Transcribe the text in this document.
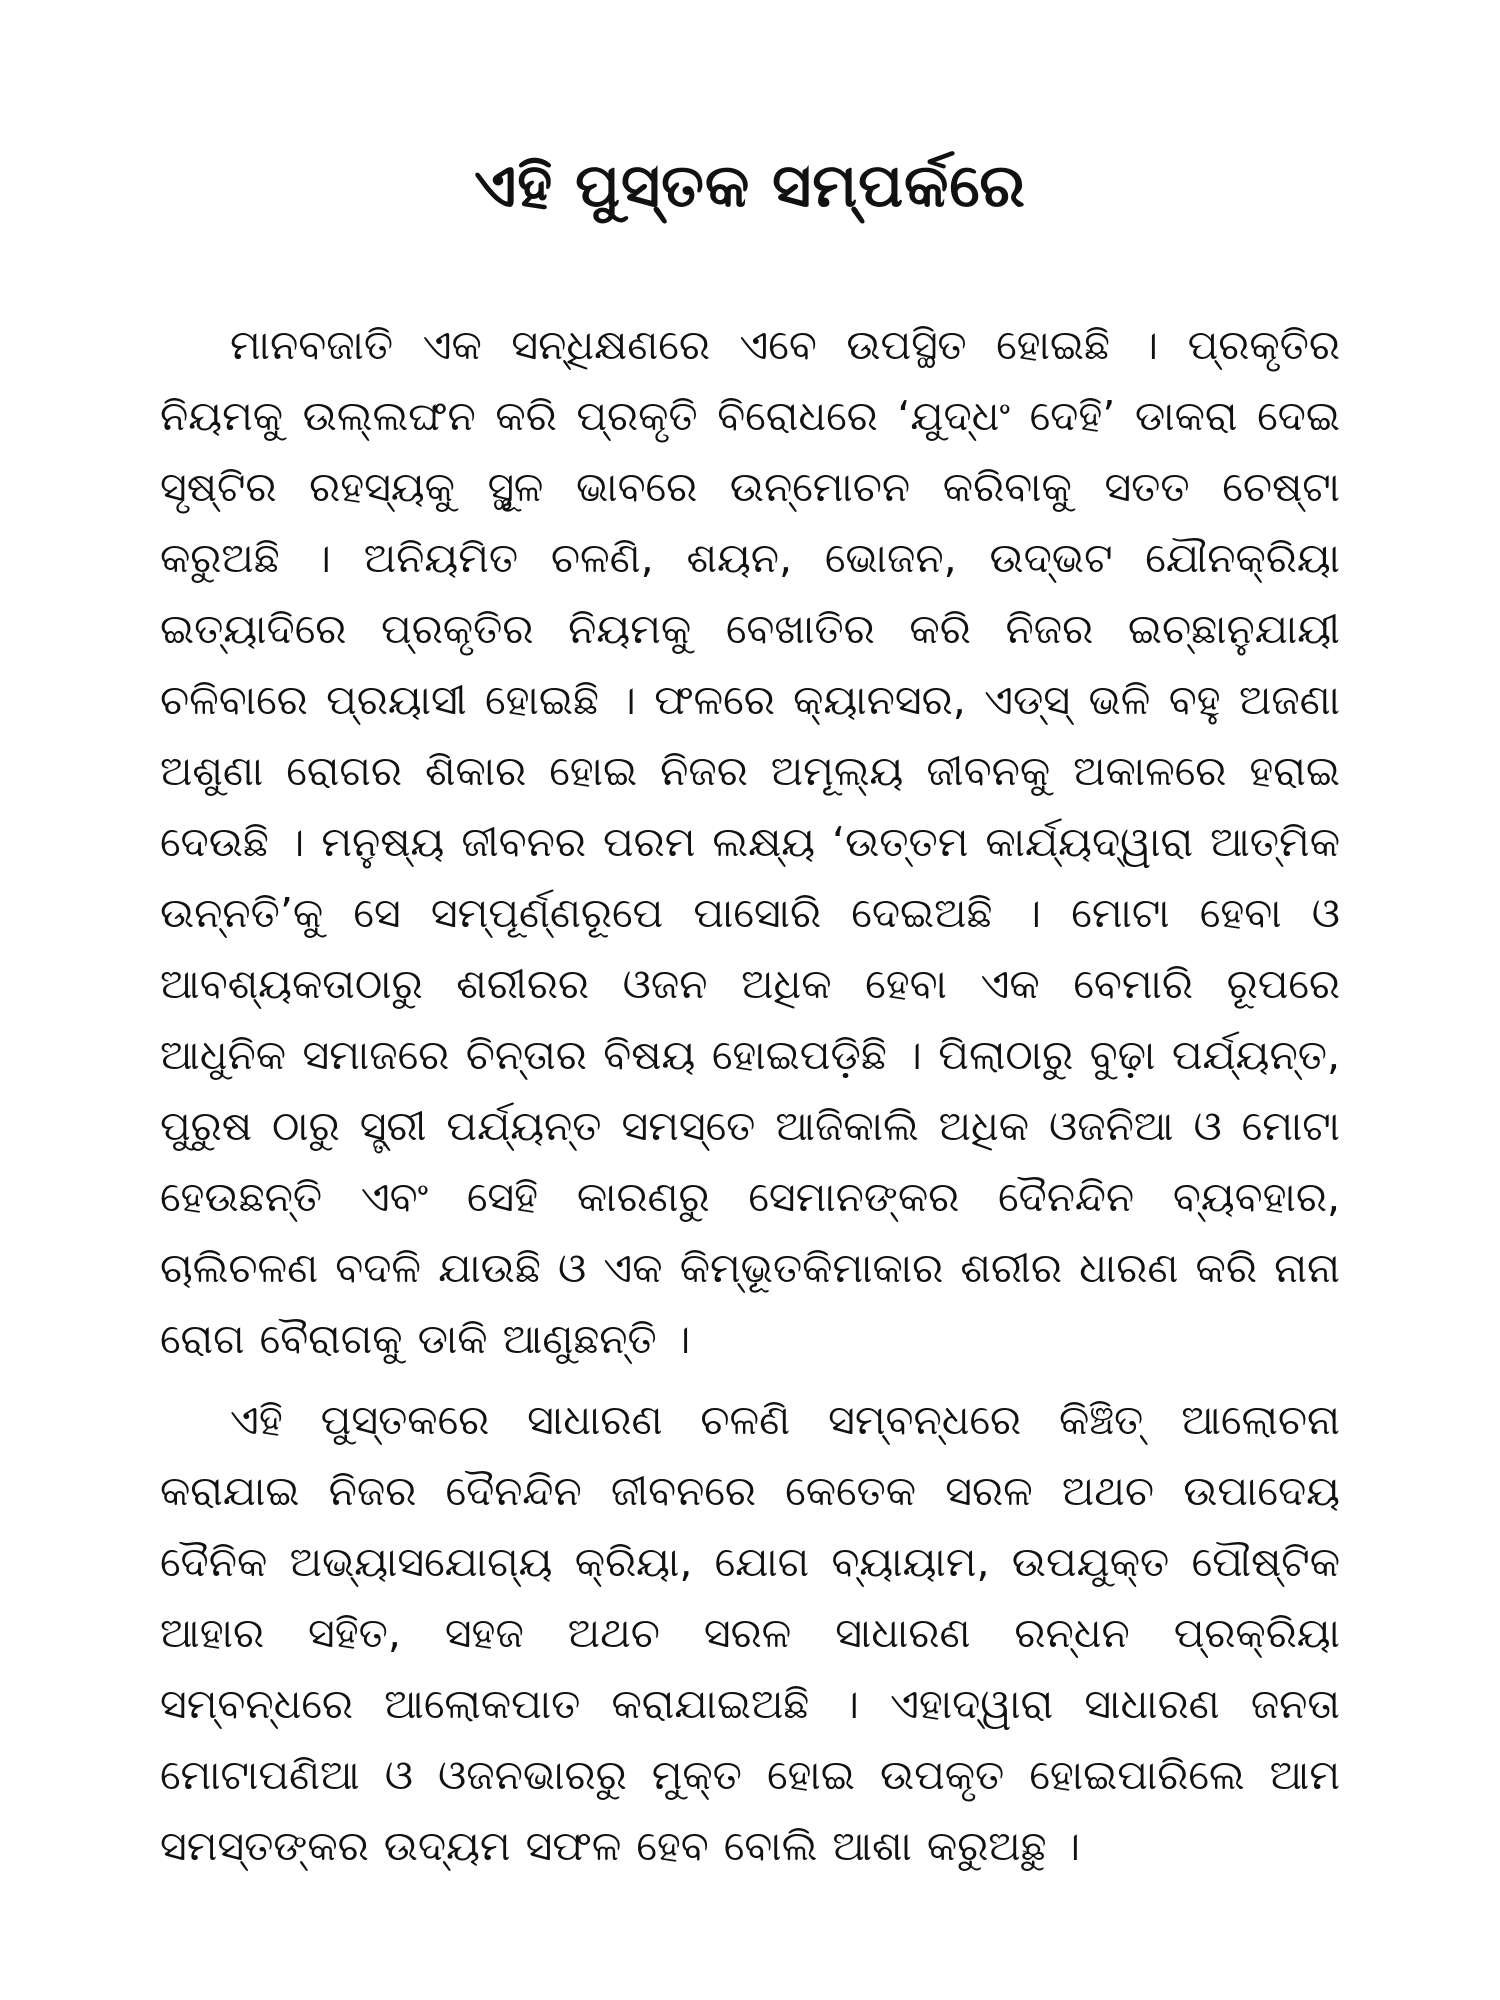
ଏହି ପୁସ୍ତକ ସମ୍ପର୍କରେ

ମାନବଜାତି ଏକ ସନ୍ଧିକ୍ଷଣରେ ଏବେ ଉପସ୍ଥିତ ହୋଇଛି । ପ୍ରକୃତିର ନିୟମକୁ ଉଲ୍ଲଙ୍ଘନ କରି ପ୍ରକୃତି ବିରୋଧରେ ‘ଯୁଦ୍ଧଂ ଦେହି’ ଡାକରା ଦେଇ ସୃଷ୍ଟିର ରହସ୍ୟକୁ ସ୍ଥୂଳ ଭାବରେ ଉନ୍ମୋଚନ କରିବାକୁ ସତତ ଚେଷ୍ଟା କରୁଅଛି । ଅନିୟମିତ ଚଳଣି, ଶୟନ, ଭୋଜନ, ଉଦ୍ଭଟ ଯୌନକ୍ରିୟା ଇତ୍ୟାଦିରେ ପ୍ରକୃତିର ନିୟମକୁ ବେଖାତିର କରି ନିଜର ଇଚ୍ଛାନୁଯାୟୀ ଚଳିବାରେ ପ୍ରୟାସୀ ହୋଇଛି । ଫଳରେ କ୍ୟାନସର, ଏଡ୍‌ସ୍ ଭଳି ବହୁ ଅଜଣା ଅଶୁଣା ରୋଗର ଶିକାର ହୋଇ ନିଜର ଅମୂଲ୍ୟ ଜୀବନକୁ ଅକାଳରେ ହରାଇ ଦେଉଛି । ମନୁଷ୍ୟ ଜୀବନର ପରମ ଲକ୍ଷ୍ୟ ‘ଉତ୍ତମ କାର୍ଯ୍ୟଦ୍ୱାରା ଆତ୍ମିକ ଉନ୍ନତି’କୁ ସେ ସମ୍ପୂର୍ଣ୍ଣରୂପେ ପାସୋରି ଦେଇଅଛି । ମୋଟା ହେବା ଓ ଆବଶ୍ୟକତାଠାରୁ ଶରୀରର ଓଜନ ଅଧିକ ହେବା ଏକ ବେମାରି ରୂପରେ ଆଧୁନିକ ସମାଜରେ ଚିନ୍ତାର ବିଷୟ ହୋଇପଡ଼ିଛି । ପିଲାଠାରୁ ବୁଢ଼ା ପର୍ଯ୍ୟନ୍ତ, ପୁରୁଷ ଠାରୁ ସ୍ତ୍ରୀ ପର୍ଯ୍ୟନ୍ତ ସମସ୍ତେ ଆଜିକାଲି ଅଧିକ ଓଜନିଆ ଓ ମୋଟା ହେଉଛନ୍ତି ଏବଂ ସେହି କାରଣରୁ ସେମାନଙ୍କର ଦୈନନ୍ଦିନ ବ୍ୟବହାର, ଚାଲିଚଳଣ ବଦଳି ଯାଉଛି ଓ ଏକ କିମ୍ଭୂତକିମାକାର ଶରୀର ଧାରଣ କରି ନାନା ରୋଗ ବୈରାଗକୁ ଡାକି ଆଣୁଛନ୍ତି ।

ଏହି ପୁସ୍ତକରେ ସାଧାରଣ ଚଳଣି ସମ୍ବନ୍ଧରେ କିଞ୍ଚିତ୍ ଆଲୋଚନା କରାଯାଇ ନିଜର ଦୈନନ୍ଦିନ ଜୀବନରେ କେତେକ ସରଳ ଅଥଚ ଉପାଦେୟ ଦୈନିକ ଅଭ୍ୟାସଯୋଗ୍ୟ କ୍ରିୟା, ଯୋଗ ବ୍ୟାୟାମ, ଉପଯୁକ୍ତ ପୌଷ୍ଟିକ ଆହାର ସହିତ, ସହଜ ଅଥଚ ସରଳ ସାଧାରଣ ରନ୍ଧନ ପ୍ରକ୍ରିୟା ସମ୍ବନ୍ଧରେ ଆଲୋକପାତ କରାଯାଇଅଛି । ଏହାଦ୍ୱାରା ସାଧାରଣ ଜନତା ମୋଟାପଣିଆ ଓ ଓଜନଭାରରୁ ମୁକ୍ତ ହୋଇ ଉପକୃତ ହୋଇପାରିଲେ ଆମ ସମସ୍ତଙ୍କର ଉଦ୍ୟମ ସଫଳ ହେବ ବୋଲି ଆଶା କରୁଅଛୁ ।
